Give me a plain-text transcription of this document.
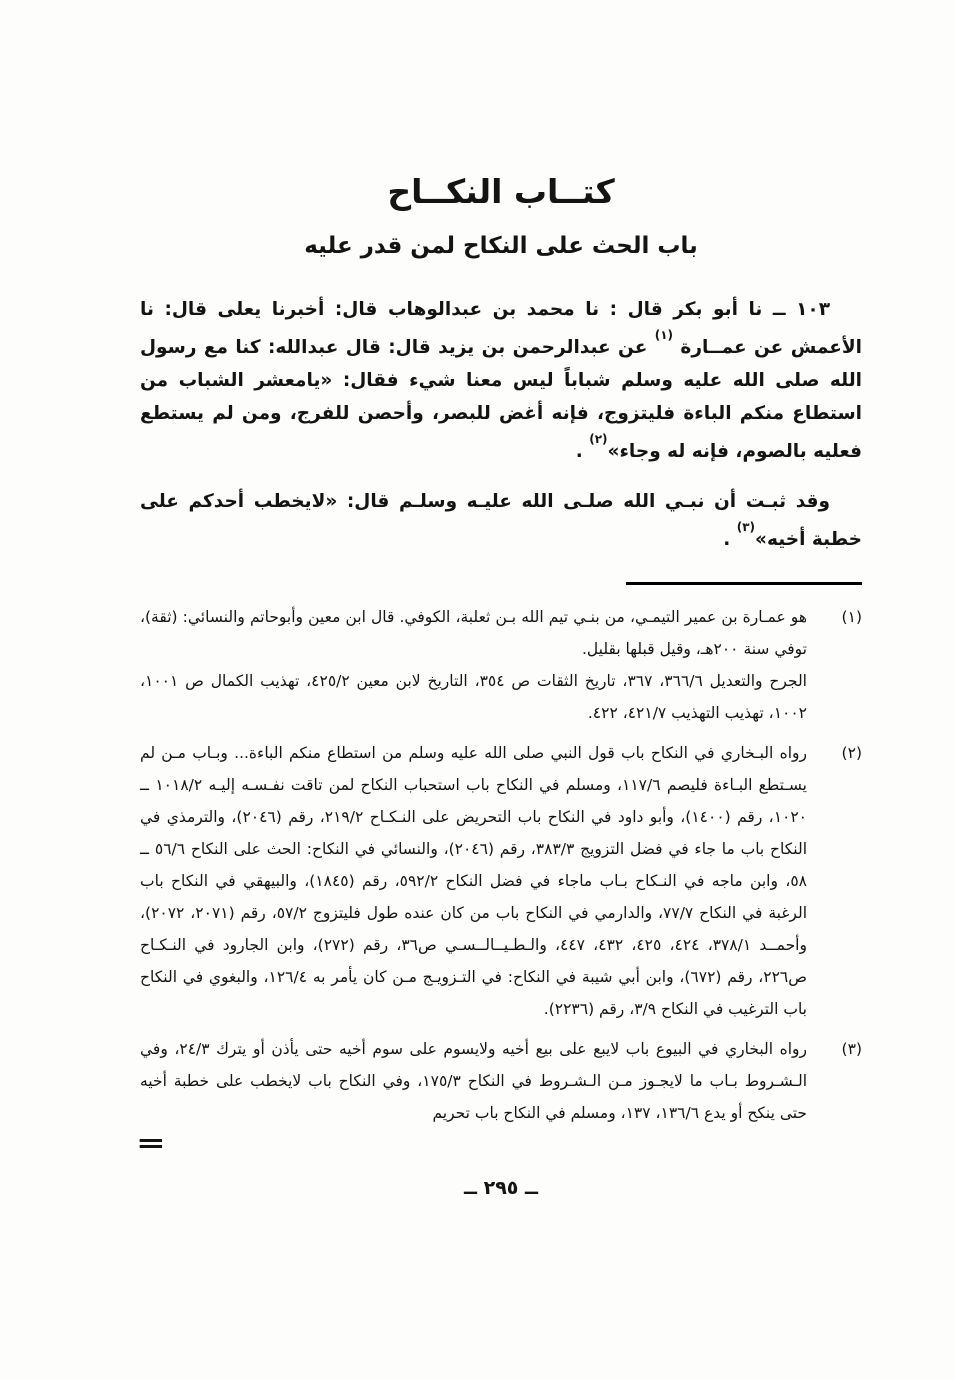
كتــاب النكــاح
باب الحث على النكاح لمن قدر عليه

١٠٣ ــ نا أبو بكر قال : نا محمد بن عبدالوهاب قال: أخبرنا يعلى قال: نا الأعمش عن عمــارة $^{(١)}$ عن عبدالرحمن بن يزيد قال: قال عبدالله: كنا مع رسول الله صلى الله عليه وسلم شباباً ليس معنا شيء فقال: «يامعشر الشباب من استطاع منكم الباءة فليتزوج، فإنه أغض للبصر، وأحصن للفرج، ومن لم يستطع فعليه بالصوم، فإنه له وجاء»$^{(٢)}$ .

وقد ثبـت أن نبـي الله صلـى الله عليـه وسلـم قال: «لايخطب أحدكم على خطبة أخيه»$^{(٣)}$ .

(١)

هو عمـارة بن عمير التيمـي، من بنـي تيم الله بـن ثعلبة، الكوفي. قال ابن معين وأبوحاتم والنسائي: (ثقة)، توفي سنة ٢٠٠هـ، وقيل قبلها بقليل.

الجرح والتعديل ٣٦٦/٦، ٣٦٧، تاريخ الثقات ص ٣٥٤، التاريخ لابن معين ٤٢٥/٢، تهذيب الكمال ص ١٠٠١، ١٠٠٢، تهذيب التهذيب ٤٢١/٧، ٤٢٢.

(٢)

رواه البـخاري في النكاح باب قول النبي صلى الله عليه وسلم من استطاع منكم الباءة... وبـاب مـن لم يسـتطع البـاءة فليصم ١١٧/٦، ومسلم في النكاح باب استحباب النكاح لمن تاقت نفـسـه إليـه ١٠١٨/٢ ــ ١٠٢٠، رقم (١٤٠٠)، وأبو داود في النكاح باب التحريض على النـكـاح ٢١٩/٢، رقم (٢٠٤٦)، والترمذي في النكاح باب ما جاء في فضل التزويج ٣٨٣/٣، رقم (٢٠٤٦)، والنسائي في النكاح: الحث على النكاح ٥٦/٦ ــ ٥٨، وابن ماجه في النـكاح بـاب ماجاء في فضل النكاح ٥٩٢/٢، رقم (١٨٤٥)، والبيهقي في النكاح باب الرغبة في النكاح ٧٧/٧، والدارمي في النكاح باب من كان عنده طول فليتزوج ٥٧/٢، رقم (٢٠٧١، ٢٠٧٢)، وأحمــد ٣٧٨/١، ٤٢٤، ٤٢٥، ٤٣٢، ٤٤٧، والـطـيــالــسـي ص٣٦، رقم (٢٧٢)، وابن الجارود في النـكـاح ص٢٢٦، رقم (٦٧٢)، وابن أبي شيبة في النكاح: في التـزويـج مـن كان يأمر به ١٢٦/٤، والبغوي في النكاح باب الترغيب في النكاح ٣/٩، رقم (٢٢٣٦).

(٣)

رواه البخاري في البيوع باب لايبع على بيع أخيه ولايسوم على سوم أخيه حتى يأذن أو يترك ٢٤/٣، وفي الـشـروط بـاب ما لايجـوز مـن الـشـروط في النكاح ١٧٥/٣، وفي النكاح باب لايخطب على خطبة أخيه حتى ينكح أو يدع ١٣٦/٦، ١٣٧، ومسلم في النكاح باب تحريم

═
ــ ٢٩٥ ــ
